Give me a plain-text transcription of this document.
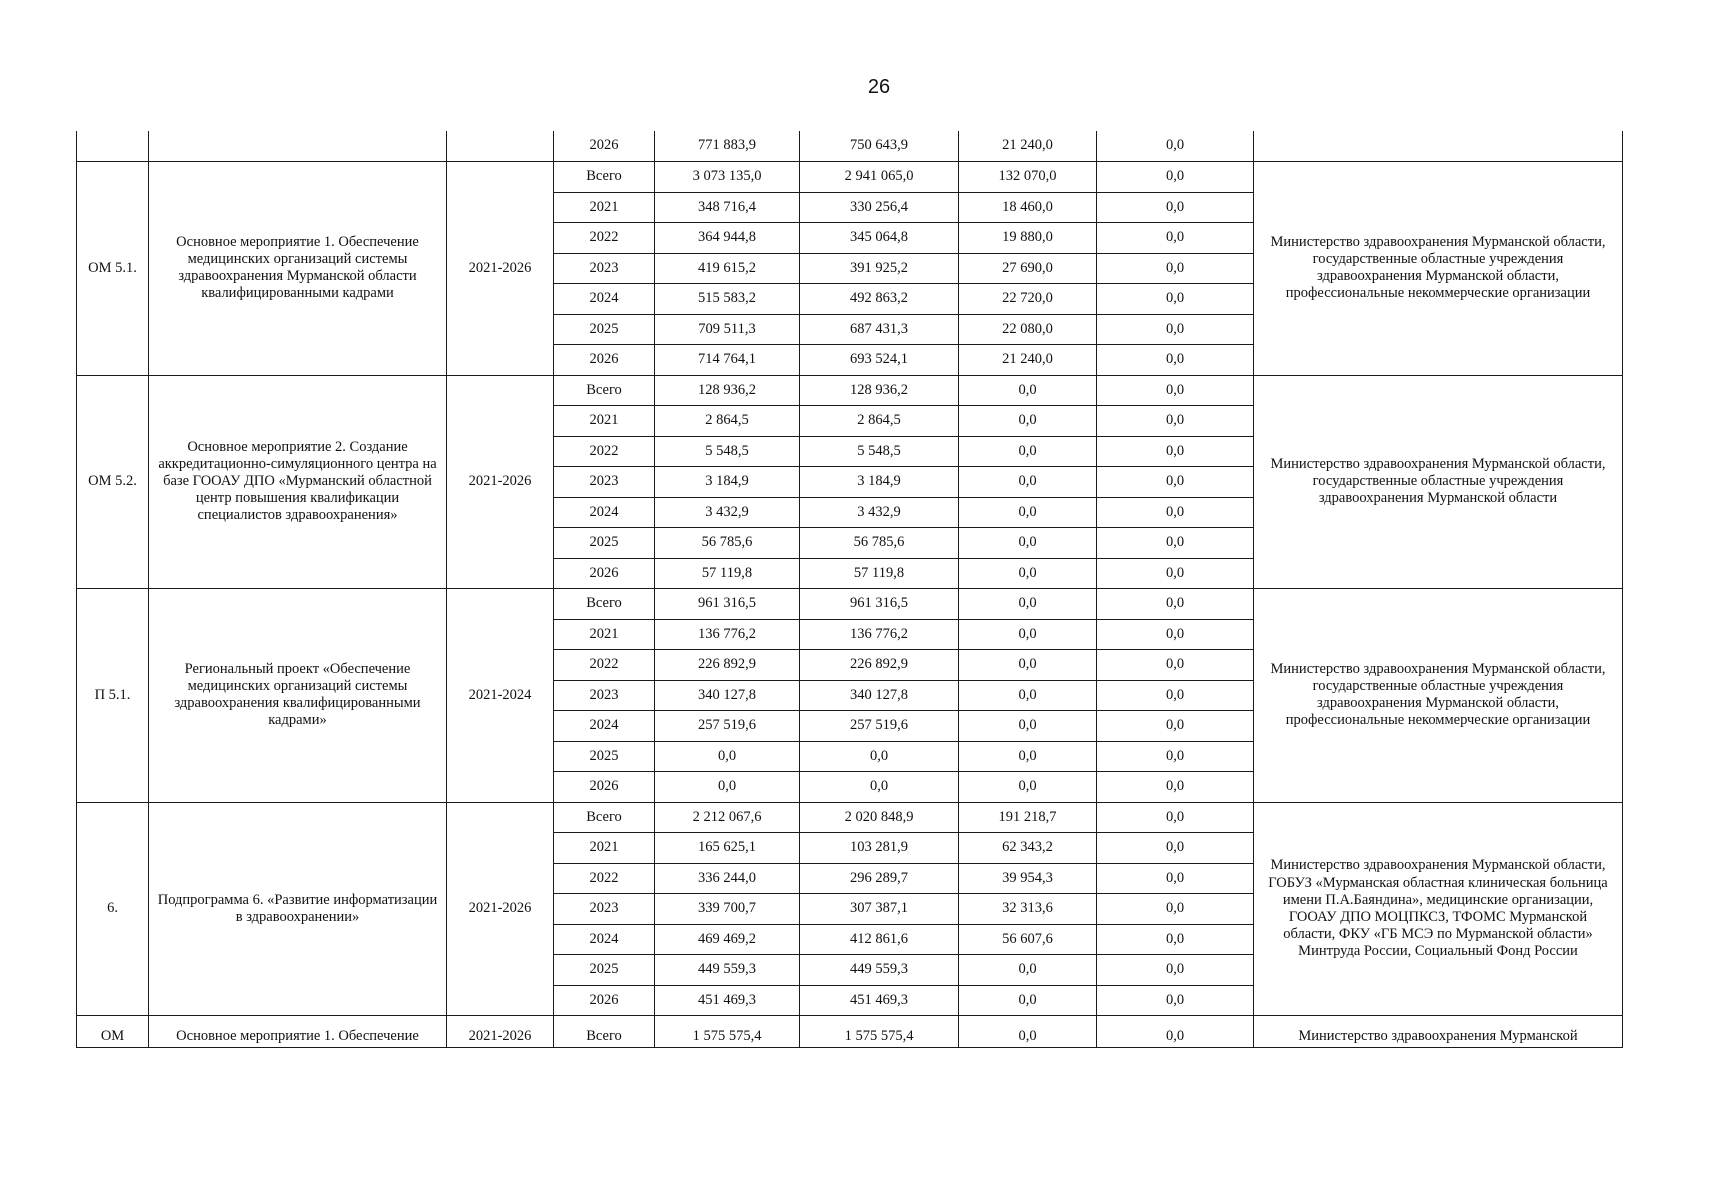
26
			2026	771 883,9	750 643,9	21 240,0	0,0	
ОМ 5.1.	Основное мероприятие 1. Обеспечение медицинских организаций системы здравоохранения Мурманской области квалифицированными кадрами	2021-2026	Всего	3 073 135,0	2 941 065,0	132 070,0	0,0	Министерство здравоохранения Мурманской области, государственные областные учреждения здравоохранения Мурманской области, профессиональные некоммерческие организации
			2021	348 716,4	330 256,4	18 460,0	0,0	
			2022	364 944,8	345 064,8	19 880,0	0,0	
			2023	419 615,2	391 925,2	27 690,0	0,0	
			2024	515 583,2	492 863,2	22 720,0	0,0	
			2025	709 511,3	687 431,3	22 080,0	0,0	
			2026	714 764,1	693 524,1	21 240,0	0,0	
ОМ 5.2.	Основное мероприятие 2. Создание аккредитационно-симуляционного центра на базе ГООАУ ДПО «Мурманский областной центр повышения квалификации специалистов здравоохранения»	2021-2026	Всего	128 936,2	128 936,2	0,0	0,0	Министерство здравоохранения Мурманской области, государственные областные учреждения здравоохранения Мурманской области
			2021	2 864,5	2 864,5	0,0	0,0	
			2022	5 548,5	5 548,5	0,0	0,0	
			2023	3 184,9	3 184,9	0,0	0,0	
			2024	3 432,9	3 432,9	0,0	0,0	
			2025	56 785,6	56 785,6	0,0	0,0	
			2026	57 119,8	57 119,8	0,0	0,0	
П 5.1.	Региональный проект «Обеспечение медицинских организаций системы здравоохранения квалифицированными кадрами»	2021-2024	Всего	961 316,5	961 316,5	0,0	0,0	Министерство здравоохранения Мурманской области, государственные областные учреждения здравоохранения Мурманской области, профессиональные некоммерческие организации
			2021	136 776,2	136 776,2	0,0	0,0	
			2022	226 892,9	226 892,9	0,0	0,0	
			2023	340 127,8	340 127,8	0,0	0,0	
			2024	257 519,6	257 519,6	0,0	0,0	
			2025	0,0	0,0	0,0	0,0	
			2026	0,0	0,0	0,0	0,0	
6.	Подпрограмма 6. «Развитие информатизации в здравоохранении»	2021-2026	Всего	2 212 067,6	2 020 848,9	191 218,7	0,0	Министерство здравоохранения Мурманской области, ГОБУЗ «Мурманская областная клиническая больница имени П.А.Баяндина», медицинские организации, ГООАУ ДПО МОЦПКСЗ, ТФОМС Мурманской области, ФКУ «ГБ МСЭ по Мурманской области» Минтруда России, Социальный Фонд России
			2021	165 625,1	103 281,9	62 343,2	0,0	
			2022	336 244,0	296 289,7	39 954,3	0,0	
			2023	339 700,7	307 387,1	32 313,6	0,0	
			2024	469 469,2	412 861,6	56 607,6	0,0	
			2025	449 559,3	449 559,3	0,0	0,0	
			2026	451 469,3	451 469,3	0,0	0,0	
ОМ	Основное мероприятие 1. Обеспечение	2021-2026	Всего	1 575 575,4	1 575 575,4	0,0	0,0	Министерство здравоохранения Мурманской
